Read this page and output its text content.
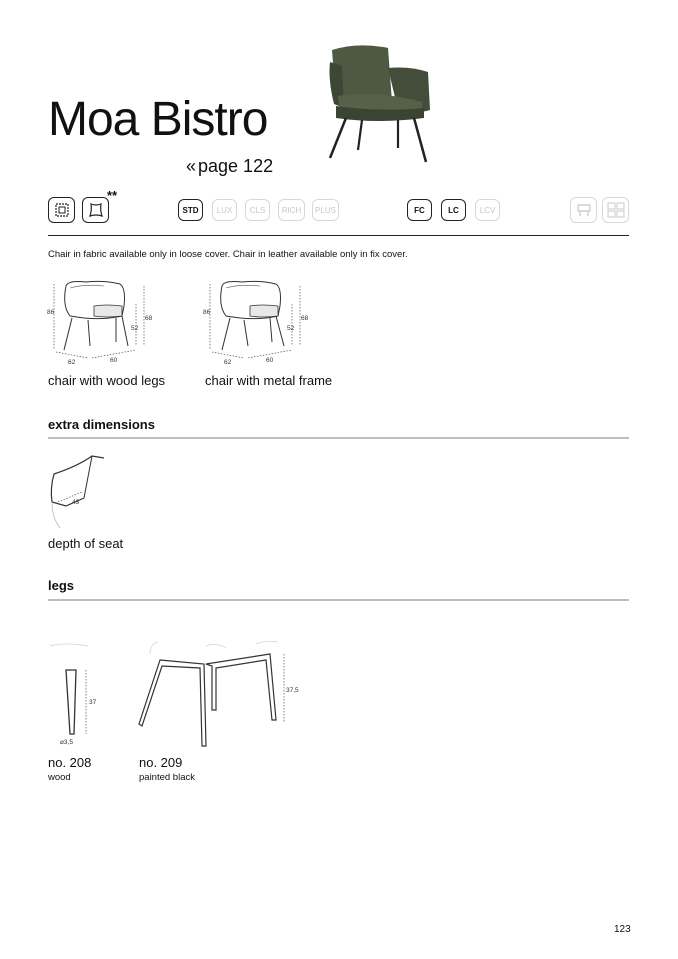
Moa Bistro
« page 122
**
STD	LUX	CLS	RICH	PLUS	FC	LC	LCV
Chair in fabric available only in loose cover. Chair in leather available only in fix cover.
86
52
68
62	60
chair with wood legs
86
52
68
62	60
chair with metal frame
extra dimensions
43
depth of seat
legs
37
⌀3,5
no. 208
wood
37,5
no. 209
painted black
123
